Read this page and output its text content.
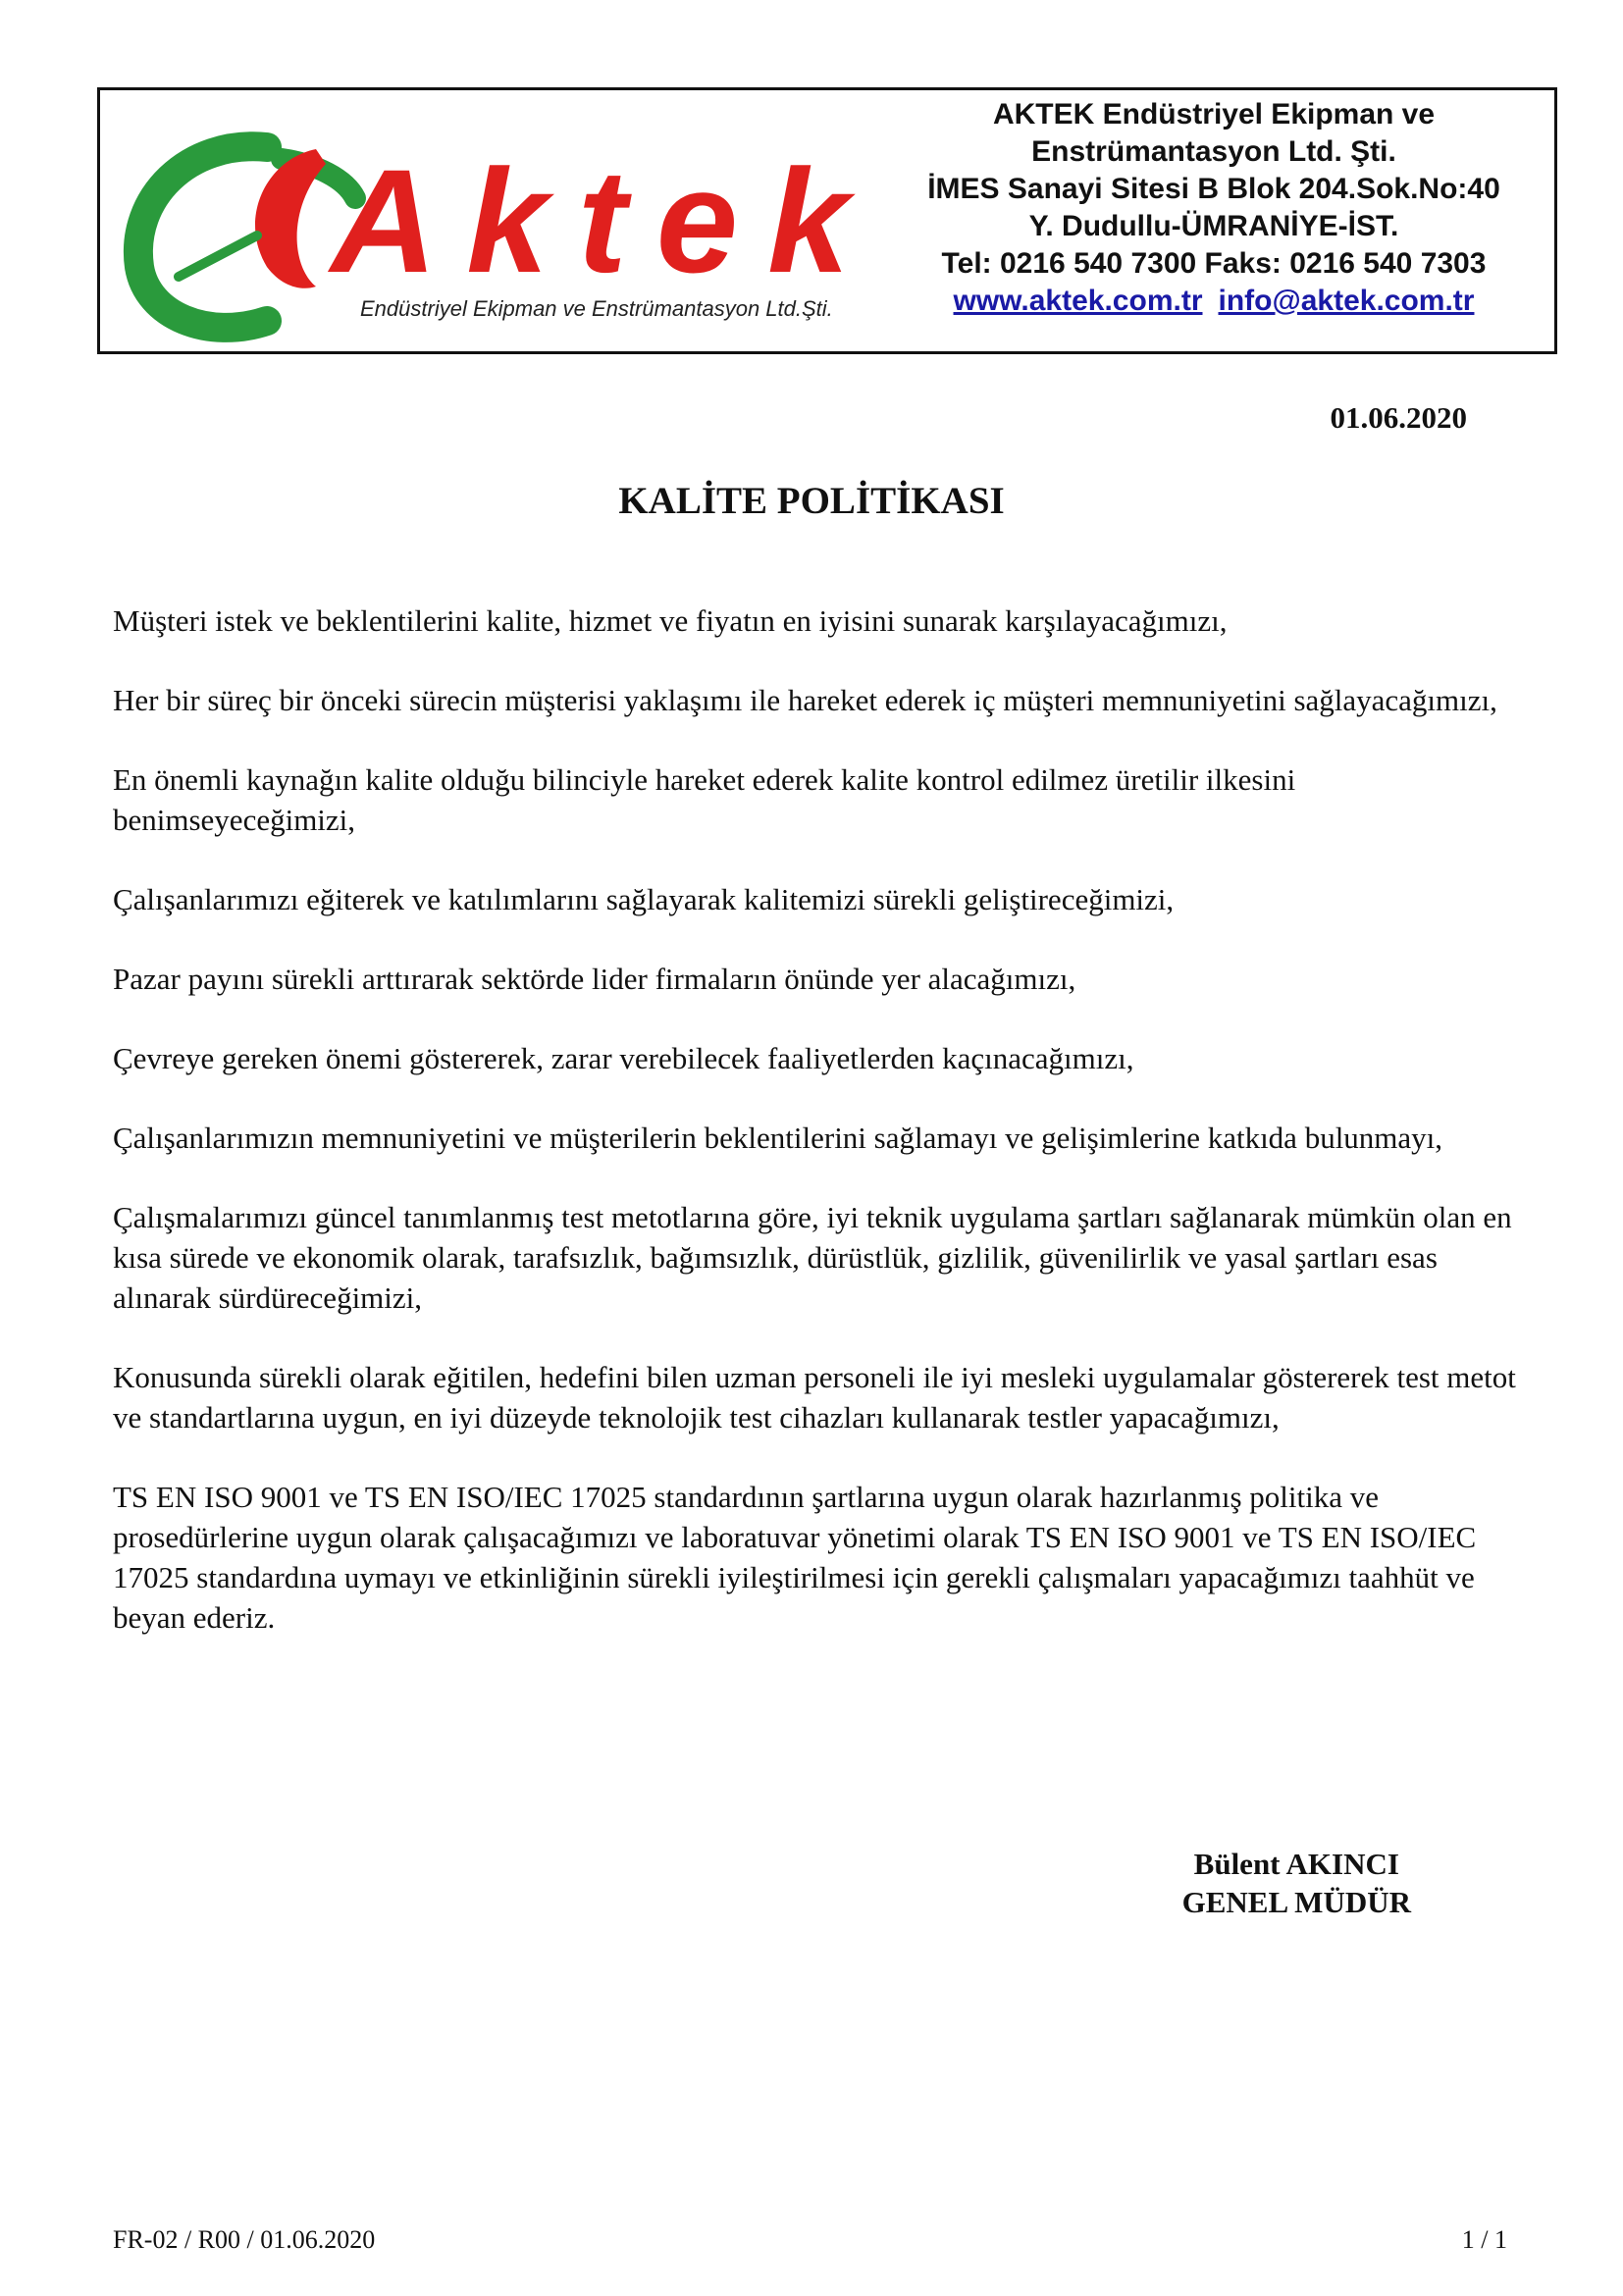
Aktek
Endüstriyel Ekipman ve Enstrümantasyon Ltd.Şti.
AKTEK Endüstriyel Ekipman ve
Enstrümantasyon Ltd. Şti.
İMES Sanayi Sitesi B Blok 204.Sok.No:40
Y. Dudullu-ÜMRANİYE-İST.
Tel: 0216 540 7300 Faks: 0216 540 7303
www.aktek.com.tr info@aktek.com.tr
01.06.2020
KALİTE POLİTİKASI

Müşteri istek ve beklentilerini kalite, hizmet ve fiyatın en iyisini sunarak karşılayacağımızı,

Her bir süreç bir önceki sürecin müşterisi yaklaşımı ile hareket ederek iç müşteri memnuniyetini sağlayacağımızı,

En önemli kaynağın kalite olduğu bilinciyle hareket ederek kalite kontrol edilmez üretilir ilkesini benimseyeceğimizi,

Çalışanlarımızı eğiterek ve katılımlarını sağlayarak kalitemizi sürekli geliştireceğimizi,

Pazar payını sürekli arttırarak sektörde lider firmaların önünde yer alacağımızı,

Çevreye gereken önemi göstererek, zarar verebilecek faaliyetlerden kaçınacağımızı,

Çalışanlarımızın memnuniyetini ve müşterilerin beklentilerini sağlamayı ve gelişimlerine katkıda bulunmayı,

Çalışmalarımızı güncel tanımlanmış test metotlarına göre, iyi teknik uygulama şartları sağlanarak mümkün olan en kısa sürede ve ekonomik olarak, tarafsızlık, bağımsızlık, dürüstlük, gizlilik, güvenilirlik ve yasal şartları esas alınarak sürdüreceğimizi,

Konusunda sürekli olarak eğitilen, hedefini bilen uzman personeli ile iyi mesleki uygulamalar göstererek test metot ve standartlarına uygun, en iyi düzeyde teknolojik test cihazları kullanarak testler yapacağımızı,

TS EN ISO 9001 ve TS EN ISO/IEC 17025 standardının şartlarına uygun olarak hazırlanmış politika ve prosedürlerine uygun olarak çalışacağımızı ve laboratuvar yönetimi olarak TS EN ISO 9001 ve TS EN ISO/IEC 17025 standardına uymayı ve etkinliğinin sürekli iyileştirilmesi için gerekli çalışmaları yapacağımızı taahhüt ve beyan ederiz.

Bülent AKINCI
GENEL MÜDÜR
FR-02 / R00 / 01.06.2020	1 / 1
